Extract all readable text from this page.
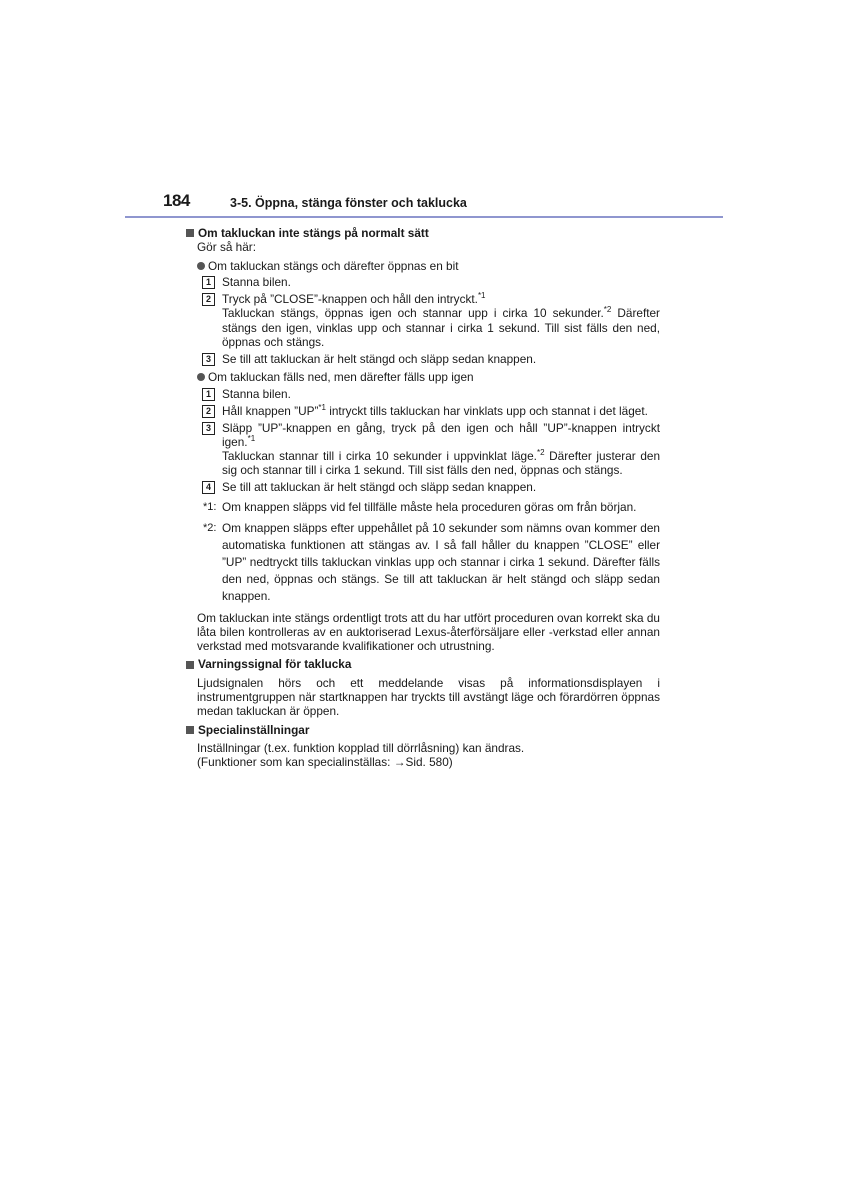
184	3-5. Öppna, stänga fönster och taklucka
Om takluckan inte stängs på normalt sätt
Gör så här:
Om takluckan stängs och därefter öppnas en bit
1 Stanna bilen.
2 Tryck på ”CLOSE”-knappen och håll den intryckt.$^{*1}$
Takluckan stängs, öppnas igen och stannar upp i cirka 10 sekunder.$^{*2}$ Därefter stängs den igen, vinklas upp och stannar i cirka 1 sekund. Till sist fälls den ned, öppnas och stängs.
3 Se till att takluckan är helt stängd och släpp sedan knappen.
Om takluckan fälls ned, men därefter fälls upp igen
1 Stanna bilen.
2 Håll knappen ”UP”$^{*1}$ intryckt tills takluckan har vinklats upp och stannat i det läget.
3 Släpp ”UP”-knappen en gång, tryck på den igen och håll ”UP”-knappen intryckt igen.$^{*1}$
Takluckan stannar till i cirka 10 sekunder i uppvinklat läge.$^{*2}$ Därefter justerar den sig och stannar till i cirka 1 sekund. Till sist fälls den ned, öppnas och stängs.
4 Se till att takluckan är helt stängd och släpp sedan knappen.
*1: Om knappen släpps vid fel tillfälle måste hela proceduren göras om från början.
*2: Om knappen släpps efter uppehållet på 10 sekunder som nämns ovan kommer den automatiska funktionen att stängas av. I så fall håller du knappen ”CLOSE” eller ”UP” nedtryckt tills takluckan vinklas upp och stannar i cirka 1 sekund. Därefter fälls den ned, öppnas och stängs. Se till att takluckan är helt stängd och släpp sedan knappen.
Om takluckan inte stängs ordentligt trots att du har utfört proceduren ovan korrekt ska du låta bilen kontrolleras av en auktoriserad Lexus-återförsäljare eller -verkstad eller annan verkstad med motsvarande kvalifikationer och utrustning.
Varningssignal för taklucka
Ljudsignalen hörs och ett meddelande visas på informationsdisplayen i instrumentgruppen när startknappen har tryckts till avstängt läge och förardörren öppnas medan takluckan är öppen.
Specialinställningar
Inställningar (t.ex. funktion kopplad till dörrlåsning) kan ändras.
(Funktioner som kan specialinställas: →Sid. 580)
